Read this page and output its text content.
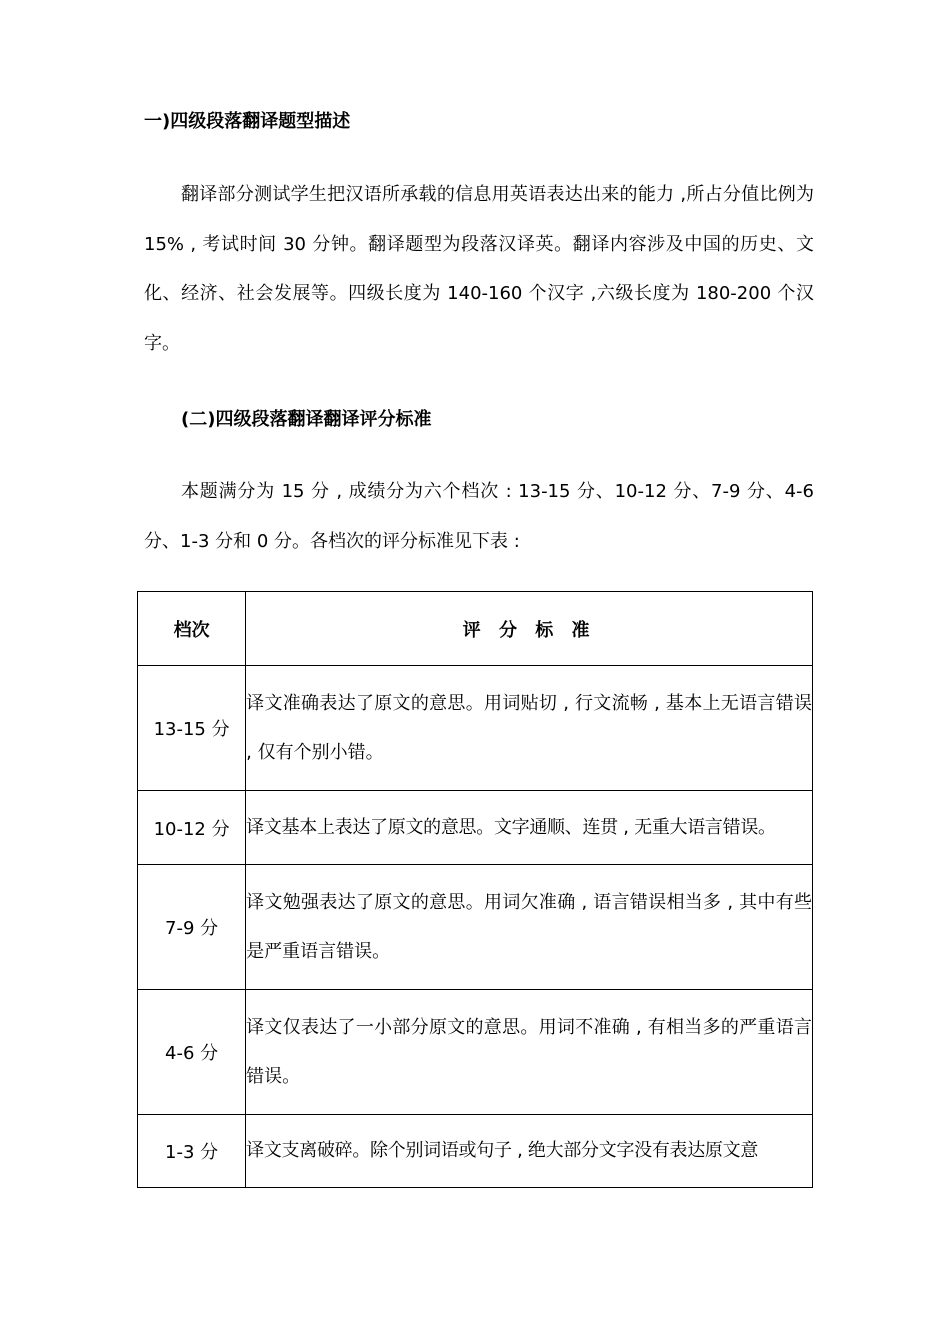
一)四级段落翻译题型描述

翻译部分测试学生把汉语所承载的信息用英语表达出来的能力 ,所占分值比例为 15% , 考试时间 30 分钟。翻译题型为段落汉译英。翻译内容涉及中国的历史、文化、经济、社会发展等。四级长度为 140-160 个汉字 ,六级长度为 180-200 个汉字。

(二)四级段落翻译翻译评分标准

本题满分为 15 分 , 成绩分为六个档次 : 13-15 分、10-12 分、7-9 分、4-6 分、1-3 分和 0 分。各档次的评分标准见下表 :

档次	评 分 标 准
13-15 分	译文准确表达了原文的意思。用词贴切 , 行文流畅 , 基本上无语言错误 , 仅有个别小错。
10-12 分	译文基本上表达了原文的意思。文字通顺、连贯 , 无重大语言错误。
7-9 分	译文勉强表达了原文的意思。用词欠准确 , 语言错误相当多 , 其中有些是严重语言错误。
4-6 分	译文仅表达了一小部分原文的意思。用词不准确 , 有相当多的严重语言错误。
1-3 分	译文支离破碎。除个别词语或句子 , 绝大部分文字没有表达原文意
